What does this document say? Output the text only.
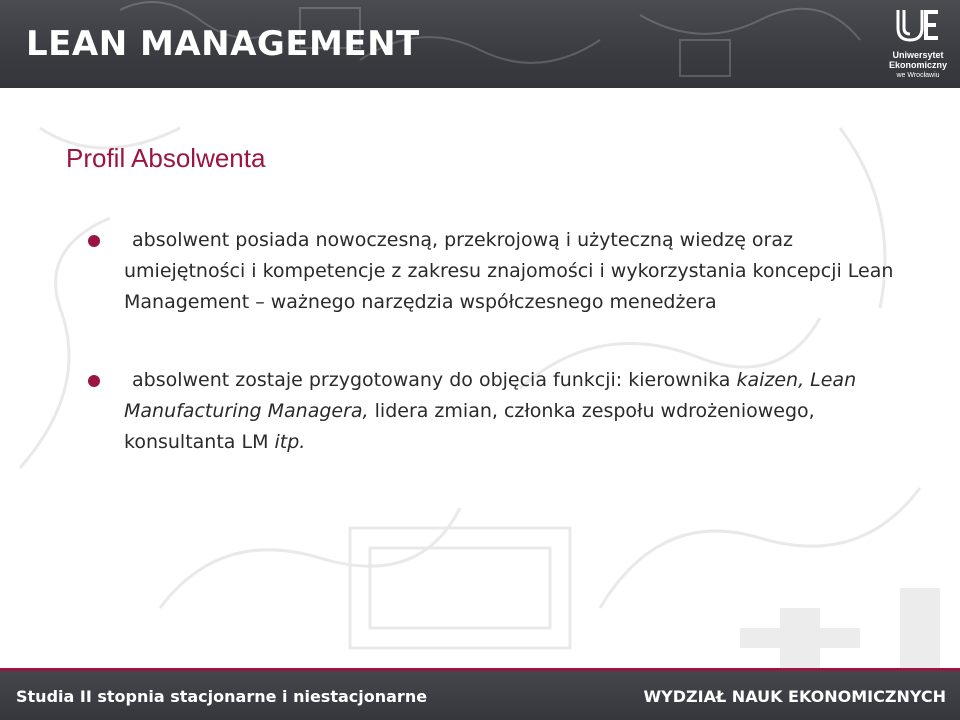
LEAN MANAGEMENT	Uniwersytet
Ekonomiczny
we Wrocławiu
Profil Absolwenta
absolwent posiada nowoczesną, przekrojową i użyteczną wiedzę oraz umiejętności i kompetencje z zakresu znajomości i wykorzystania koncepcji Lean Management – ważnego narzędzia współczesnego menedżera
absolwent zostaje przygotowany do objęcia funkcji: kierownika kaizen, Lean Manufacturing Managera, lidera zmian, członka zespołu wdrożeniowego, konsultanta LM itp.

Studia II stopnia stacjonarne i niestacjonarne	WYDZIAŁ NAUK EKONOMICZNYCH
